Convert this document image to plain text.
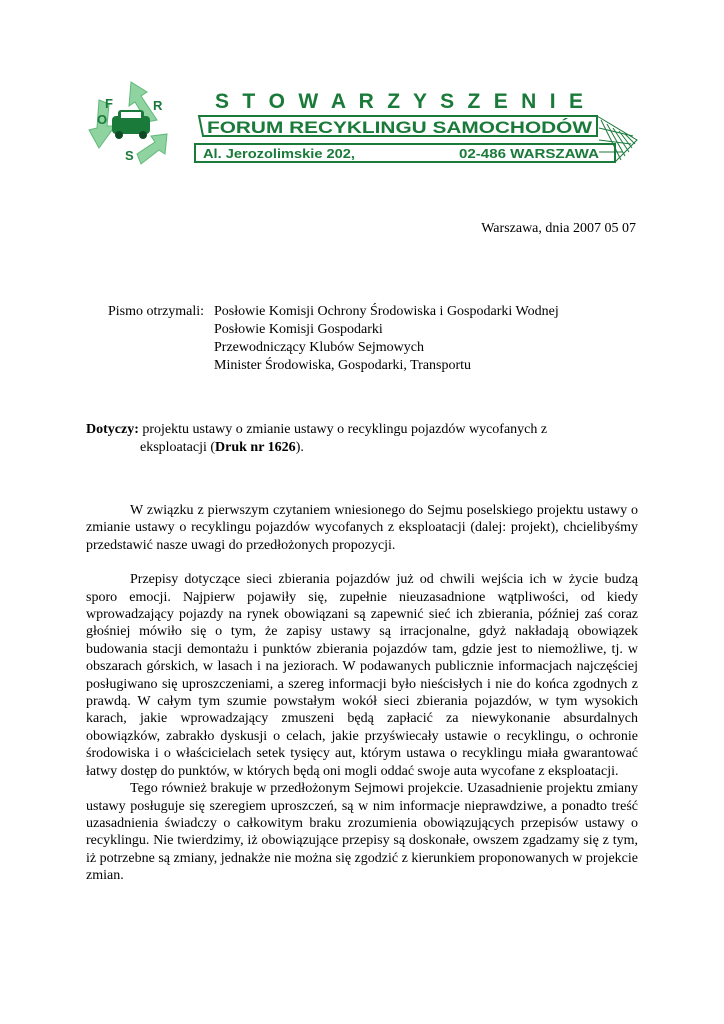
F
O
R
S
S T O W A R Z Y S Z E N I E
FORUM RECYKLINGU SAMOCHODÓW
Al. Jerozolimskie 202,	02-486 WARSZAWA
Warszawa, dnia 2007 05 07
Pismo otrzymali: Posłowie Komisji Ochrony Środowiska i Gospodarki Wodnej
Posłowie Komisji Gospodarki
Przewodniczący Klubów Sejmowych
Minister Środowiska, Gospodarki, Transportu
Dotyczy: projektu ustawy o zmianie ustawy o recyklingu pojazdów wycofanych z
eksploatacji (Druk nr 1626).

W związku z pierwszym czytaniem wniesionego do Sejmu poselskiego projektu ustawy o zmianie ustawy o recyklingu pojazdów wycofanych z eksploatacji (dalej: projekt), chcielibyśmy przedstawić nasze uwagi do przedłożonych propozycji.

Przepisy dotyczące sieci zbierania pojazdów już od chwili wejścia ich w życie budzą sporo emocji. Najpierw pojawiły się, zupełnie nieuzasadnione wątpliwości, od kiedy wprowadzający pojazdy na rynek obowiązani są zapewnić sieć ich zbierania, później zaś coraz głośniej mówiło się o tym, że zapisy ustawy są irracjonalne, gdyż nakładają obowiązek budowania stacji demontażu i punktów zbierania pojazdów tam, gdzie jest to niemożliwe, tj. w obszarach górskich, w lasach i na jeziorach. W podawanych publicznie informacjach najczęściej posługiwano się uproszczeniami, a szereg informacji było nieścisłych i nie do końca zgodnych z prawdą. W całym tym szumie powstałym wokół sieci zbierania pojazdów, w tym wysokich karach, jakie wprowadzający zmuszeni będą zapłacić za niewykonanie absurdalnych obowiązków, zabrakło dyskusji o celach, jakie przyświecały ustawie o recyklingu, o ochronie środowiska i o właścicielach setek tysięcy aut, którym ustawa o recyklingu miała gwarantować łatwy dostęp do punktów, w których będą oni mogli oddać swoje auta wycofane z eksploatacji.

Tego również brakuje w przedłożonym Sejmowi projekcie. Uzasadnienie projektu zmiany ustawy posługuje się szeregiem uproszczeń, są w nim informacje nieprawdziwe, a ponadto treść uzasadnienia świadczy o całkowitym braku zrozumienia obowiązujących przepisów ustawy o recyklingu. Nie twierdzimy, iż obowiązujące przepisy są doskonałe, owszem zgadzamy się z tym, iż potrzebne są zmiany, jednakże nie można się zgodzić z kierunkiem proponowanych w projekcie zmian.
